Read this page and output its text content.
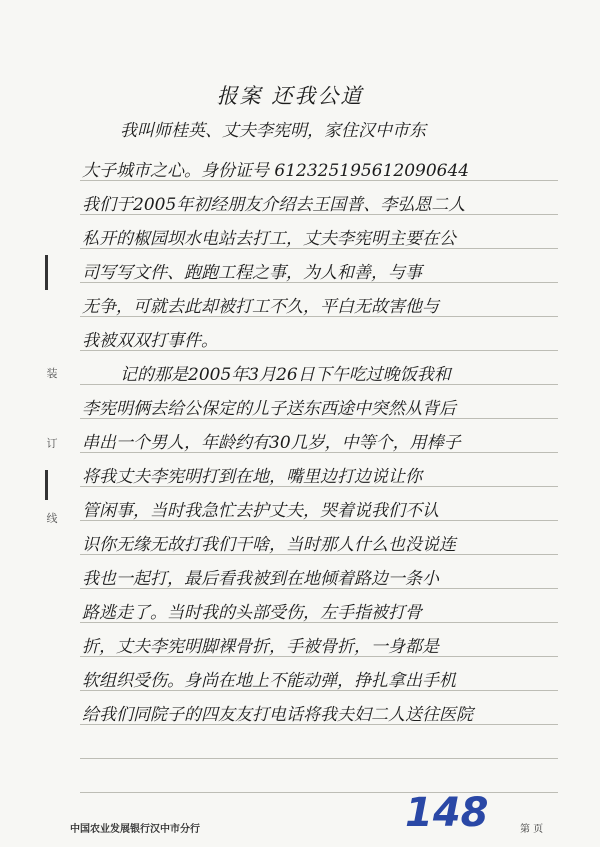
报案 还我公道
我叫师桂英、丈夫李宪明，家住汉中市东
大子城市之心。身份证号 612325195612090644
我们于2005年初经朋友介绍去王国普、李弘恩二人
私开的椒园坝水电站去打工，丈夫李宪明主要在公
司写写文件、跑跑工程之事，为人和善，与事
无争，可就去此却被打工不久，平白无故害他与
我被双双打事件。
记的那是2005年3月26日下午吃过晚饭我和
李宪明俩去给公保定的儿子送东西途中突然从背后
串出一个男人，年龄约有30几岁，中等个，用棒子
将我丈夫李宪明打到在地，嘴里边打边说让你
管闲事，当时我急忙去护丈夫，哭着说我们不认
识你无缘无故打我们干啥，当时那人什么也没说连
我也一起打，最后看我被到在地倾着路边一条小
路逃走了。当时我的头部受伤，左手指被打骨
折，丈夫李宪明脚裸骨折，手被骨折，一身都是
软组织受伤。身尚在地上不能动弹，挣扎拿出手机
给我们同院子的四友友打电话将我夫妇二人送往医院
装
订
线
148
中国农业发展银行汉中市分行	第 页
